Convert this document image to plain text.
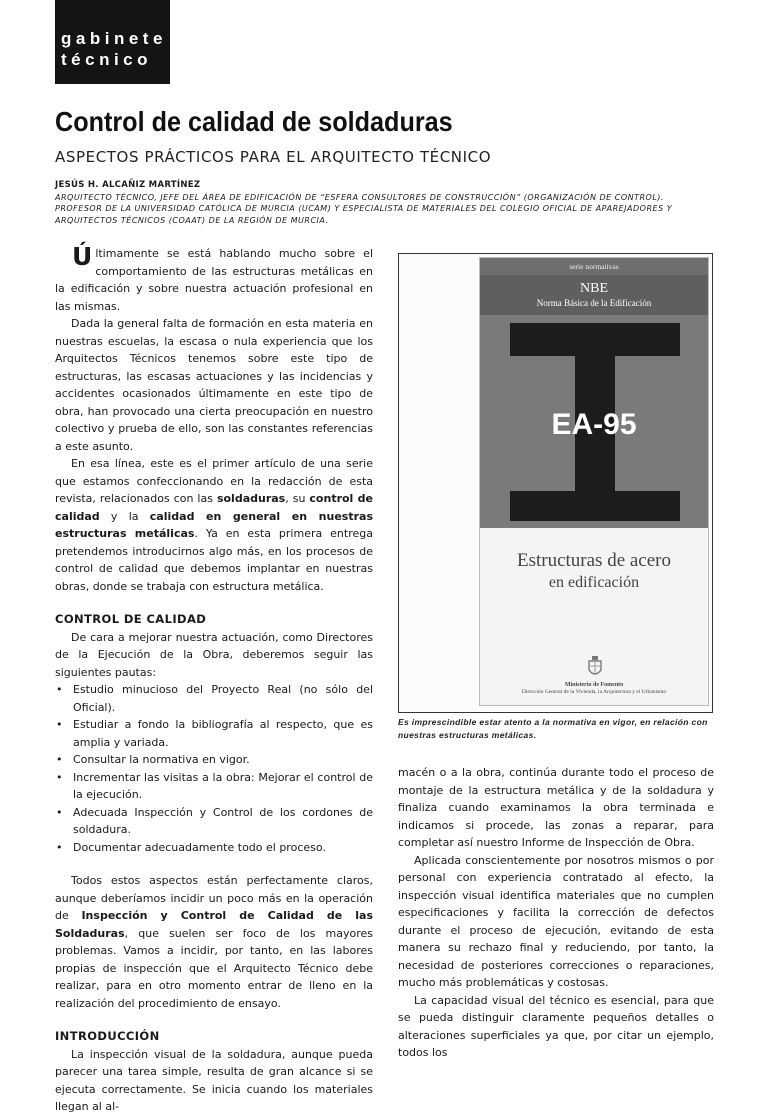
gabinete
técnico
Control de calidad de soldaduras
ASPECTOS PRÁCTICOS PARA EL ARQUITECTO TÉCNICO
JESÚS H. ALCAÑIZ MARTÍNEZ
ARQUITECTO TÉCNICO, JEFE DEL ÁREA DE EDIFICACIÓN DE “ESFERA CONSULTORES DE CONSTRUCCIÓN” (ORGANIZACIÓN DE CONTROL).
PROFESOR DE LA UNIVERSIDAD CATÓLICA DE MURCIA (UCAM) Y ESPECIALISTA DE MATERIALES DEL COLEGIO OFICIAL DE APAREJADORES Y ARQUITECTOS TÉCNICOS (COAAT) DE LA REGIÓN DE MURCIA.

Últimamente se está hablando mucho sobre el comportamiento de las estructuras metálicas en la edificación y sobre nuestra actuación profesional en las mismas.

Dada la general falta de formación en esta materia en nuestras escuelas, la escasa o nula experiencia que los Arquitectos Técnicos tenemos sobre este tipo de estructuras, las escasas actuaciones y las incidencias y accidentes ocasionados últimamente en este tipo de obra, han provocado una cierta preocupación en nuestro colectivo y prueba de ello, son las constantes referencias a este asunto.

En esa línea, este es el primer artículo de una serie que estamos confeccionando en la redacción de esta revista, relacionados con las soldaduras, su control de calidad y la calidad en general en nuestras estructuras metálicas. Ya en esta primera entrega pretendemos introducirnos algo más, en los procesos de control de calidad que debemos implantar en nuestras obras, donde se trabaja con estructura metálica.

CONTROL DE CALIDAD

De cara a mejorar nuestra actuación, como Directores de la Ejecución de la Obra, deberemos seguir las siguientes pautas:

• Estudio minucioso del Proyecto Real (no sólo del Oficial).
• Estudiar a fondo la bibliografía al respecto, que es amplia y variada.
• Consultar la normativa en vigor.
• Incrementar las visitas a la obra: Mejorar el control de la ejecución.
• Adecuada Inspección y Control de los cordones de soldadura.
• Documentar adecuadamente todo el proceso.

Todos estos aspectos están perfectamente claros, aunque deberíamos incidir un poco más en la operación de Inspección y Control de Calidad de las Soldaduras, que suelen ser foco de los mayores problemas. Vamos a incidir, por tanto, en las labores propias de inspección que el Arquitecto Técnico debe realizar, para en otro momento entrar de lleno en la realización del procedimiento de ensayo.

INTRODUCCIÓN

La inspección visual de la soldadura, aunque pueda parecer una tarea simple, resulta de gran alcance si se ejecuta correctamente. Se inicia cuando los materiales llegan al al-

serie normativas
NBE
Norma Básica de la Edificación
EA-95
Estructuras de acero
en edificación
Ministerio de Fomento
Dirección General de la Vivienda, la Arquitectura y el Urbanismo
Es imprescindible estar atento a la normativa en vigor, en relación con nuestras estructuras metálicas.

macén o a la obra, continúa durante todo el proceso de montaje de la estructura metálica y de la soldadura y finaliza cuando examinamos la obra terminada e indicamos si procede, las zonas a reparar, para completar así nuestro Informe de Inspección de Obra.

Aplicada conscientemente por nosotros mismos o por personal con experiencia contratado al efecto, la inspección visual identifica materiales que no cumplen especificaciones y facilita la corrección de defectos durante el proceso de ejecución, evitando de esta manera su rechazo final y reduciendo, por tanto, la necesidad de posteriores correcciones o reparaciones, mucho más problemáticas y costosas.

La capacidad visual del técnico es esencial, para que se pueda distinguir claramente pequeños detalles o alteraciones superficiales ya que, por citar un ejemplo, todos los
